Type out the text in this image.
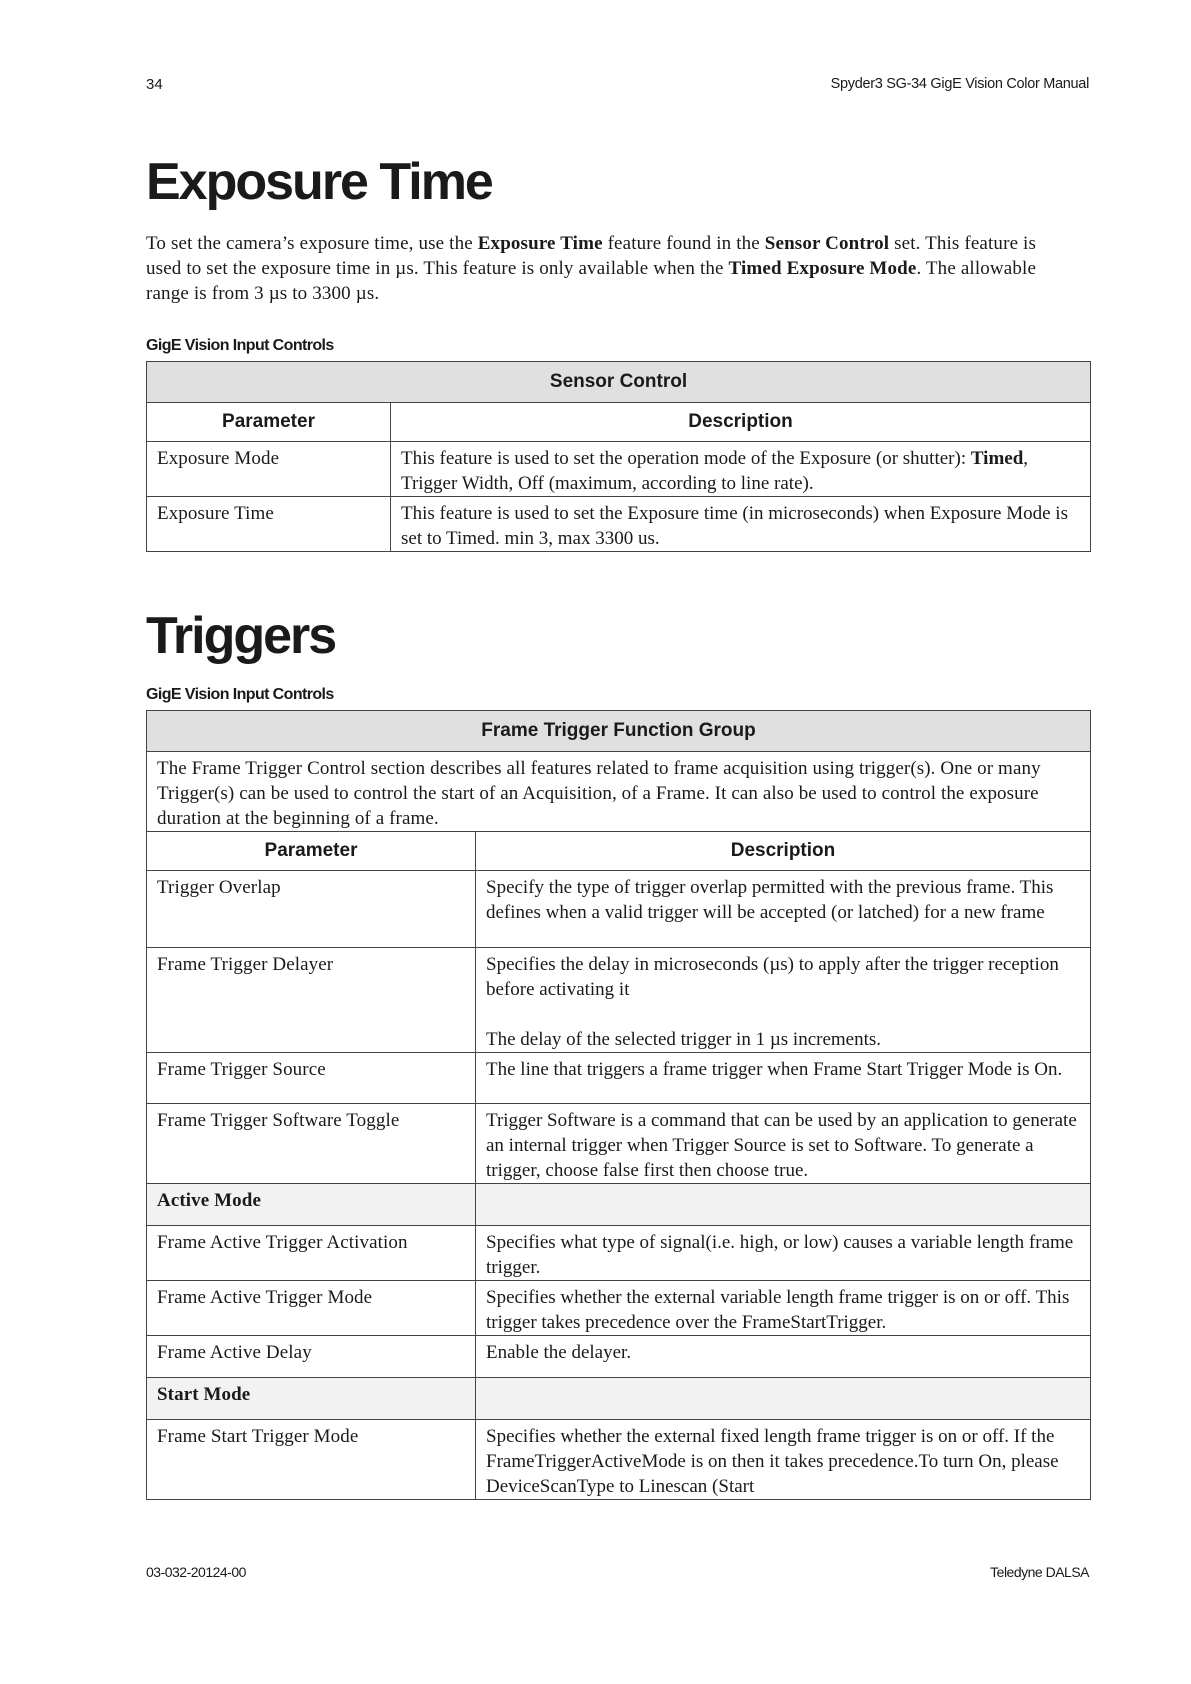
34	Spyder3 SG-34 GigE Vision Color Manual
Exposure Time

To set the camera’s exposure time, use the Exposure Time feature found in the Sensor Control set. This feature is used to set the exposure time in µs. This feature is only available when the Timed Exposure Mode. The allowable range is from 3 µs to 3300 µs.

GigE Vision Input Controls
Sensor Control	
Parameter	Description
Exposure Mode	This feature is used to set the operation mode of the Exposure (or shutter): Timed, Trigger Width, Off (maximum, according to line rate).
Exposure Time	This feature is used to set the Exposure time (in microseconds) when Exposure Mode is set to Timed. min 3, max 3300 us.
Triggers
GigE Vision Input Controls
Frame Trigger Function Group	
The Frame Trigger Control section describes all features related to frame acquisition using trigger(s). One or many Trigger(s) can be used to control the start of an Acquisition, of a Frame. It can also be used to control the exposure duration at the beginning of a frame.	
Parameter	Description
Trigger Overlap	Specify the type of trigger overlap permitted with the previous frame. This defines when a valid trigger will be accepted (or latched) for a new frame
Frame Trigger Delayer	Specifies the delay in microseconds (µs) to apply after the trigger reception before activating it
The delay of the selected trigger in 1 µs increments.

Frame Trigger Source	The line that triggers a frame trigger when Frame Start Trigger Mode is On.
Frame Trigger Software Toggle	Trigger Software is a command that can be used by an application to generate an internal trigger when Trigger Source is set to Software. To generate a trigger, choose false first then choose true.
Active Mode	
Frame Active Trigger Activation	Specifies what type of signal(i.e. high, or low) causes a variable length frame trigger.
Frame Active Trigger Mode	Specifies whether the external variable length frame trigger is on or off. This trigger takes precedence over the FrameStartTrigger.
Frame Active Delay	Enable the delayer.
Start Mode	
Frame Start Trigger Mode	Specifies whether the external fixed length frame trigger is on or off. If the FrameTriggerActiveMode is on then it takes precedence.To turn On, please DeviceScanType to Linescan (Start
03-032-20124-00	Teledyne DALSA
